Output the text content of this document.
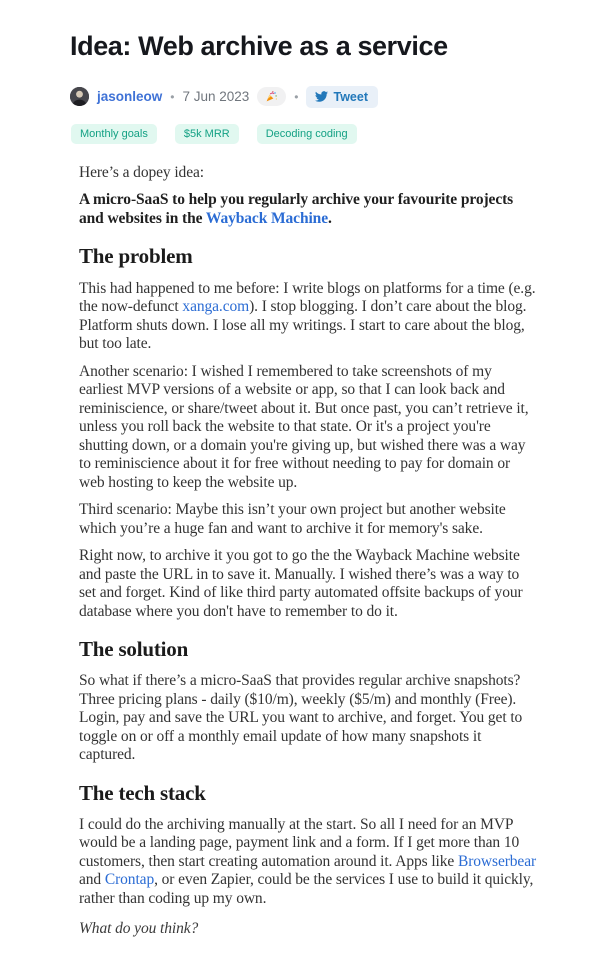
Idea: Web archive as a service
jasonleow • 7 Jun 2023	•	Tweet
Monthly goals	$5k MRR	Decoding coding

Here’s a dopey idea:

A micro-SaaS to help you regularly archive your favourite projects and websites in the Wayback Machine.

The problem

This had happened to me before: I write blogs on platforms for a time (e.g. the now-defunct xanga.com). I stop blogging. I don’t care about the blog. Platform shuts down. I lose all my writings. I start to care about the blog, but too late.

Another scenario: I wished I remembered to take screenshots of my earliest MVP versions of a website or app, so that I can look back and reminiscience, or share/tweet about it. But once past, you can’t retrieve it, unless you roll back the website to that state. Or it's a project you're shutting down, or a domain you're giving up, but wished there was a way to reminiscience about it for free without needing to pay for domain or web hosting to keep the website up.

Third scenario: Maybe this isn’t your own project but another website which you’re a huge fan and want to archive it for memory's sake.

Right now, to archive it you got to go the the Wayback Machine website and paste the URL in to save it. Manually. I wished there’s was a way to set and forget. Kind of like third party automated offsite backups of your database where you don't have to remember to do it.

The solution

So what if there’s a micro-SaaS that provides regular archive snapshots? Three pricing plans - daily ($10/m), weekly ($5/m) and monthly (Free). Login, pay and save the URL you want to archive, and forget. You get to toggle on or off a monthly email update of how many snapshots it captured.

The tech stack

I could do the archiving manually at the start. So all I need for an MVP would be a landing page, payment link and a form. If I get more than 10 customers, then start creating automation around it. Apps like Browserbear and Crontap, or even Zapier, could be the services I use to build it quickly, rather than coding up my own.

What do you think?
